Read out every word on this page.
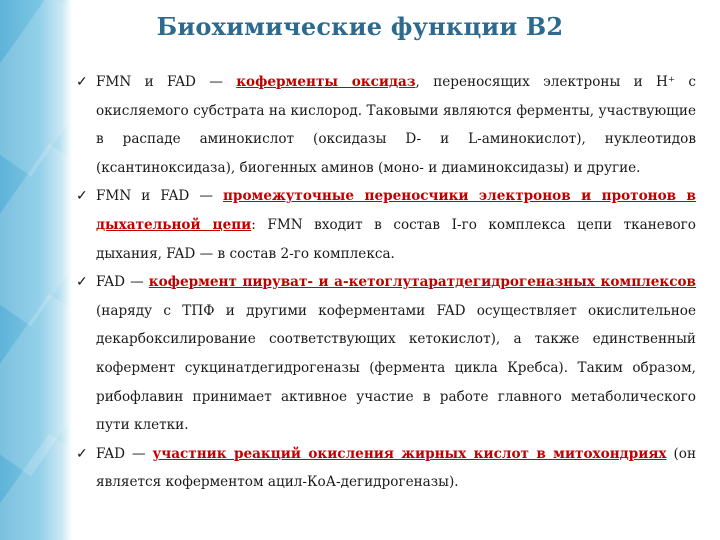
Биохимические функции В2
✓ FMN и FAD — коферменты оксидаз, переносящих электроны и H⁺ с окисляемого субстрата на кислород. Таковыми являются ферменты, участвующие в распаде аминокислот (оксидазы D- и L-аминокислот), нуклеотидов (ксантиноксидаза), биогенных аминов (моно- и диаминоксидазы) и другие.
✓ FMN и FAD — промежуточные переносчики электронов и протонов в дыхательной цепи: FMN входит в состав I-го комплекса цепи тканевого дыхания, FAD — в состав 2-го комплекса.
✓ FAD — кофермент пируват- и a-кетоглутаратдегидрогеназных комплексов (наряду с ТПФ и другими коферментами FAD осуществляет окислительное декарбоксилирование соответствующих кетокислот), а также единственный кофермент сукцинатдегидрогеназы (фермента цикла Кребса). Таким образом, рибофлавин принимает активное участие в работе главного метаболического пути клетки.
✓ FAD — участник реакций окисления жирных кислот в митохондриях (он является коферментом ацил-КоА-дегидрогеназы).
